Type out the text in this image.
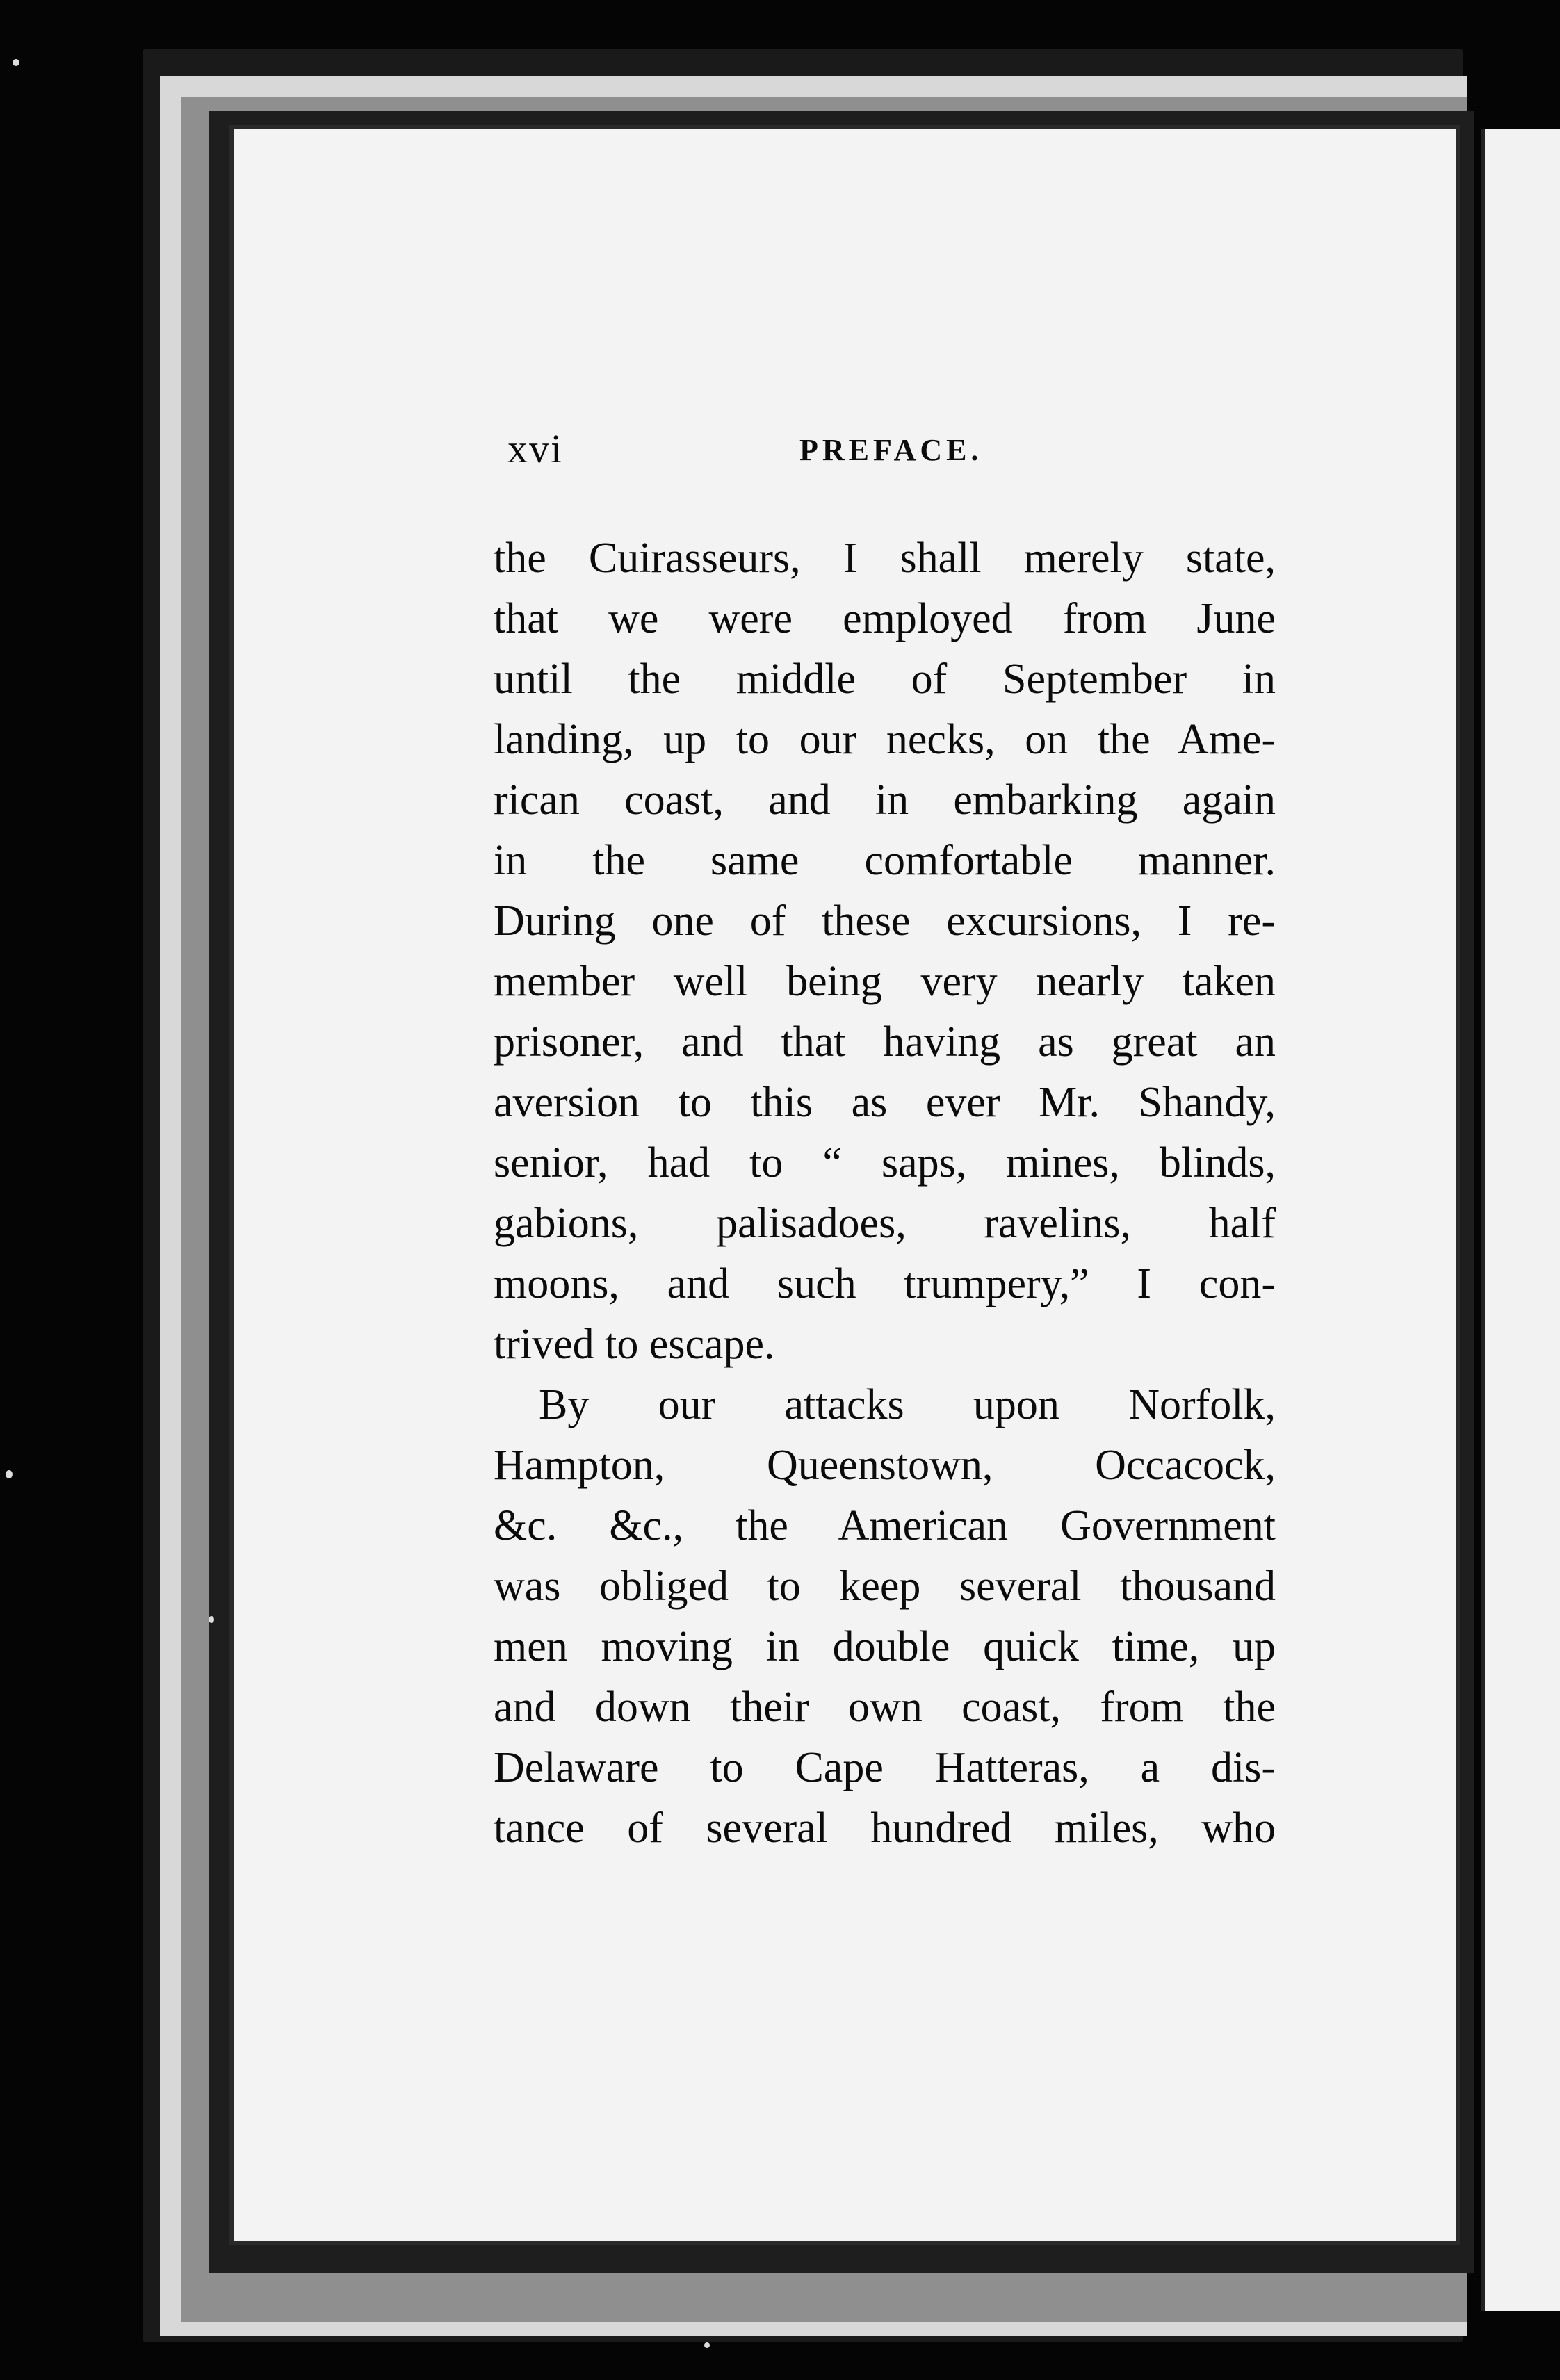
xvi	PREFACE.
the Cuirasseurs, I shall merely state,
that we were employed from June
until the middle of September in
landing, up to our necks, on the Ame-
rican coast, and in embarking again
in the same comfortable manner.
During one of these excursions, I re-
member well being very nearly taken
prisoner, and that having as great an
aversion to this as ever Mr. Shandy,
senior, had to “ saps, mines, blinds,
gabions, palisadoes, ravelins, half
moons, and such trumpery,” I con-
trived to escape.
By our attacks upon Norfolk,
Hampton, Queenstown, Occacock,
&c. &c., the American Government
was obliged to keep several thousand
men moving in double quick time, up
and down their own coast, from the
Delaware to Cape Hatteras, a dis-
tance of several hundred miles, who
